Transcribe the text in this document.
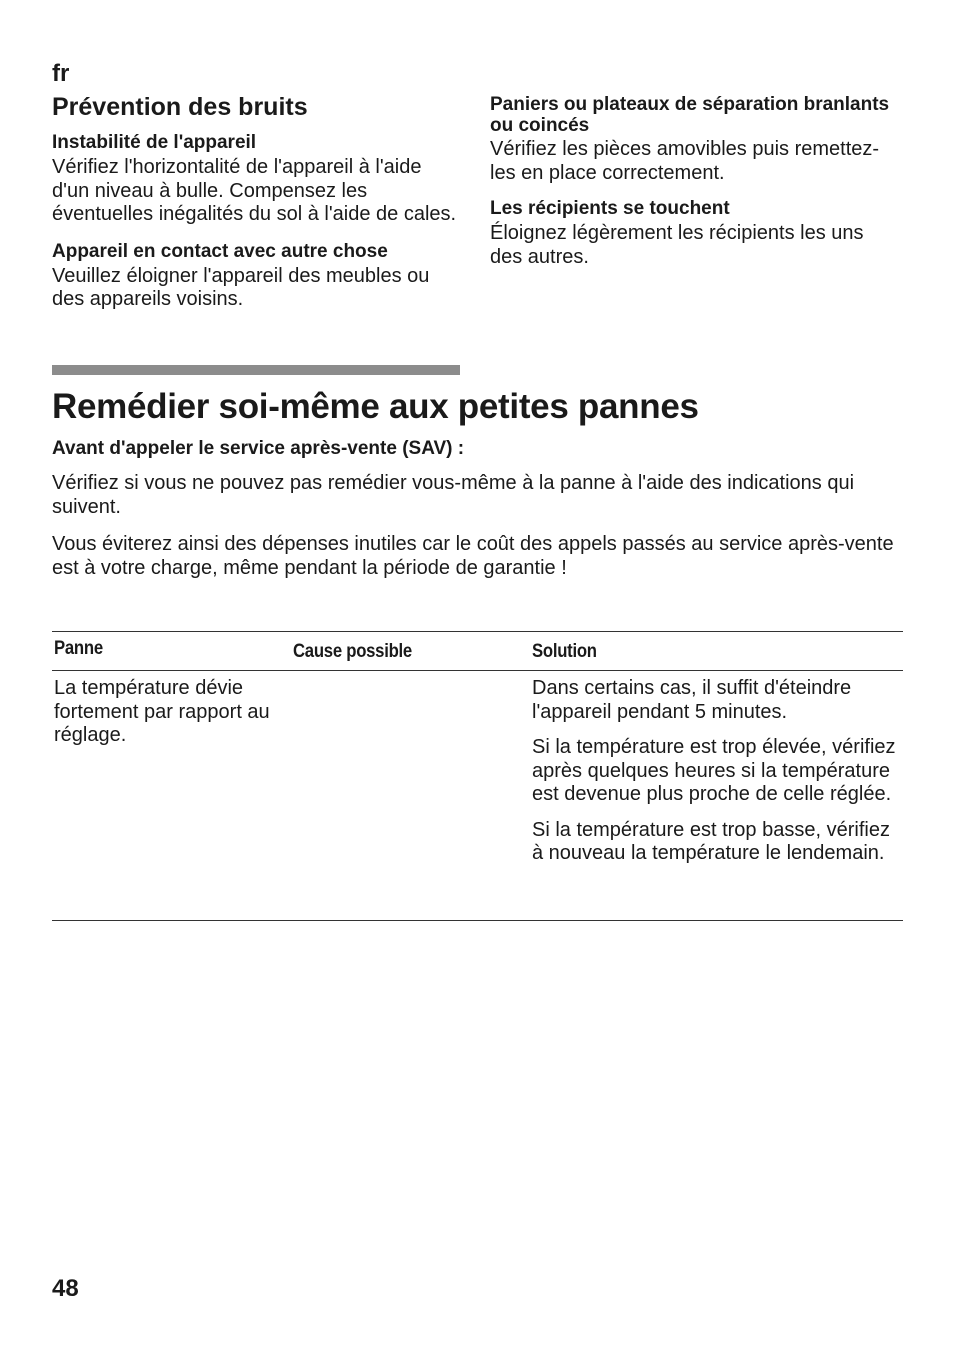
fr
Prévention des bruits
Instabilité de l'appareil

Vérifiez l'horizontalité de l'appareil à l'aide d'un niveau à bulle. Compensez les éventuelles inégalités du sol à l'aide de cales.

Appareil en contact avec autre chose

Veuillez éloigner l'appareil des meubles ou des appareils voisins.

Paniers ou plateaux de séparation branlants ou coincés

Vérifiez les pièces amovibles puis remettez-les en place correctement.

Les récipients se touchent

Éloignez légèrement les récipients les uns des autres.

Remédier soi-même aux petites pannes
Avant d'appeler le service après-vente (SAV) :

Vérifiez si vous ne pouvez pas remédier vous-même à la panne à l'aide des indications qui suivent.

Vous éviterez ainsi des dépenses inutiles car le coût des appels passés au service après-vente est à votre charge, même pendant la période de garantie !

Panne	Cause possible	Solution
La température dévie fortement par rapport au réglage.

Dans certains cas, il suffit d'éteindre l'appareil pendant 5 minutes.

Si la température est trop élevée, vérifiez après quelques heures si la température est devenue plus proche de celle réglée.

Si la température est trop basse, vérifiez à nouveau la température le lendemain.

48
